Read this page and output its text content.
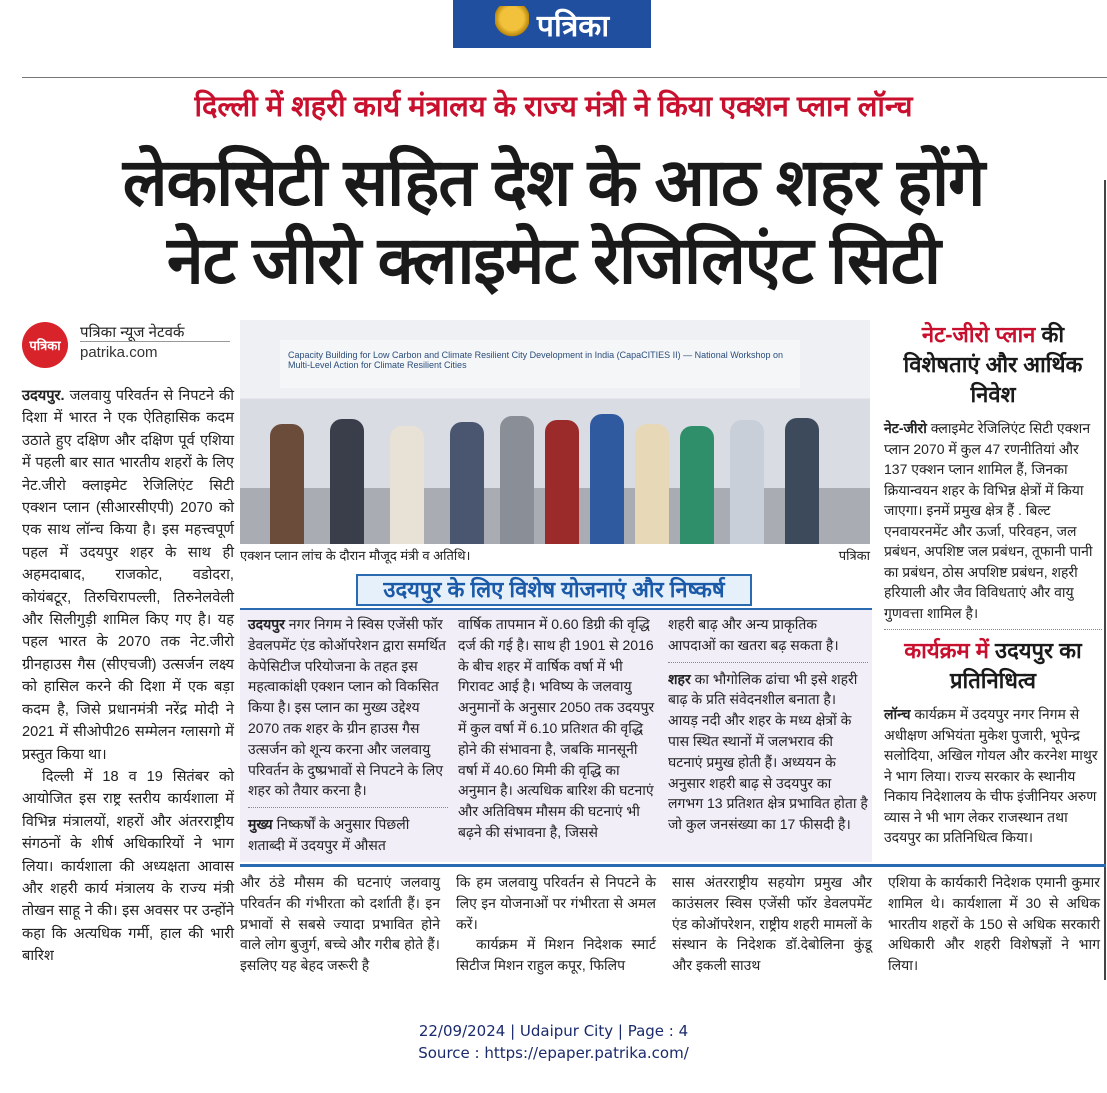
पत्रिका
दिल्ली में शहरी कार्य मंत्रालय के राज्य मंत्री ने किया एक्शन प्लान लॉन्च
लेकसिटी सहित देश के आठ शहर होंगे
नेट जीरो क्लाइमेट रेजिलिएंट सिटी
पत्रिका
पत्रिका न्यूज नेटवर्क
patrika.com

उदयपुर. जलवायु परिवर्तन से निपटने की दिशा में भारत ने एक ऐतिहासिक कदम उठाते हुए दक्षिण और दक्षिण पूर्व एशिया में पहली बार सात भारतीय शहरों के लिए नेट.जीरो क्लाइमेट रेजिलिएंट सिटी एक्शन प्लान (सीआरसीएपी) 2070 को एक साथ लॉन्च किया है। इस महत्त्वपूर्ण पहल में उदयपुर शहर के साथ ही अहमदाबाद, राजकोट, वडोदरा, कोयंबटूर, तिरुचिरापल्ली, तिरुनेलवेली और सिलीगुड़ी शामिल किए गए है। यह पहल भारत के 2070 तक नेट.जीरो ग्रीनहाउस गैस (सीएचजी) उत्सर्जन लक्ष्य को हासिल करने की दिशा में एक बड़ा कदम है, जिसे प्रधानमंत्री नरेंद्र मोदी ने 2021 में सीओपी26 सम्मेलन ग्लासगो में प्रस्तुत किया था।

दिल्ली में 18 व 19 सितंबर को आयोजित इस राष्ट्र स्तरीय कार्यशाला में विभिन्न मंत्रालयों, शहरों और अंतरराष्ट्रीय संगठनों के शीर्ष अधिकारियों ने भाग लिया। कार्यशाला की अध्यक्षता आवास और शहरी कार्य मंत्रालय के राज्य मंत्री तोखन साहू ने की। इस अवसर पर उन्होंने कहा कि अत्यधिक गर्मी, हाल की भारी बारिश

Capacity Building for Low Carbon and Climate Resilient City Development in India (CapaCITIES II) — National Workshop on Multi-Level Action for Climate Resilient Cities
एक्शन प्लान लांच के दौरान मौजूद मंत्री व अतिथि।	पत्रिका
उदयपुर के लिए विशेष योजनाएं और निष्कर्ष

उदयपुर नगर निगम ने स्विस एजेंसी फॉर डेवलपमेंट एंड कोऑपरेशन द्वारा समर्थित केपेसिटीज परियोजना के तहत इस महत्वाकांक्षी एक्शन प्लान को विकसित किया है। इस प्लान का मुख्य उद्देश्य 2070 तक शहर के ग्रीन हाउस गैस उत्सर्जन को शून्य करना और जलवायु परिवर्तन के दुष्प्रभावों से निपटने के लिए शहर को तैयार करना है।

मुख्य निष्कर्षों के अनुसार पिछली शताब्दी में उदयपुर में औसत

वार्षिक तापमान में 0.60 डिग्री की वृद्धि दर्ज की गई है। साथ ही 1901 से 2016 के बीच शहर में वार्षिक वर्षा में भी गिरावट आई है। भविष्य के जलवायु अनुमानों के अनुसार 2050 तक उदयपुर में कुल वर्षा में 6.10 प्रतिशत की वृद्धि होने की संभावना है, जबकि मानसूनी वर्षा में 40.60 मिमी की वृद्धि का अनुमान है। अत्यधिक बारिश की घटनाएं और अतिविषम मौसम की घटनाएं भी बढ़ने की संभावना है, जिससे

शहरी बाढ़ और अन्य प्राकृतिक आपदाओं का खतरा बढ़ सकता है।

शहर का भौगोलिक ढांचा भी इसे शहरी बाढ़ के प्रति संवेदनशील बनाता है। आयड़ नदी और शहर के मध्य क्षेत्रों के पास स्थित स्थानों में जलभराव की घटनाएं प्रमुख होती हैं। अध्ययन के अनुसार शहरी बाढ़ से उदयपुर का लगभग 13 प्रतिशत क्षेत्र प्रभावित होता है जो कुल जनसंख्या का 17 फीसदी है।

और ठंडे मौसम की घटनाएं जलवायु परिवर्तन की गंभीरता को दर्शाती हैं। इन प्रभावों से सबसे ज्यादा प्रभावित होने वाले लोग बुजुर्ग, बच्चे और गरीब होते हैं। इसलिए यह बेहद जरूरी है

कि हम जलवायु परिवर्तन से निपटने के लिए इन योजनाओं पर गंभीरता से अमल करें।

कार्यक्रम में मिशन निदेशक स्मार्ट सिटीज मिशन राहुल कपूर, फिलिप

सास अंतरराष्ट्रीय सहयोग प्रमुख और काउंसलर स्विस एजेंसी फॉर डेवलपमेंट एंड कोऑपरेशन, राष्ट्रीय शहरी मामलों के संस्थान के निदेशक डॉ.देबोलिना कुंडू और इकली साउथ
एशिया के कार्यकारी निदेशक एमानी कुमार शामिल थे। कार्यशाला में 30 से अधिक भारतीय शहरों के 150 से अधिक सरकारी अधिकारी और शहरी विशेषज्ञों ने भाग लिया।
नेट-जीरो प्लान की विशेषताएं और आर्थिक निवेश

नेट-जीरो क्लाइमेट रेजिलिएंट सिटी एक्शन प्लान 2070 में कुल 47 रणनीतियां और 137 एक्शन प्लान शामिल हैं, जिनका क्रियान्वयन शहर के विभिन्न क्षेत्रों में किया जाएगा। इनमें प्रमुख क्षेत्र हैं . बिल्ट एनवायरनमेंट और ऊर्जा, परिवहन, जल प्रबंधन, अपशिष्ट जल प्रबंधन, तूफानी पानी का प्रबंधन, ठोस अपशिष्ट प्रबंधन, शहरी हरियाली और जैव विविधताएं और वायु गुणवत्ता शामिल है।

कार्यक्रम में उदयपुर का प्रतिनिधित्व

लॉन्च कार्यक्रम में उदयपुर नगर निगम से अधीक्षण अभियंता मुकेश पुजारी, भूपेन्द्र सलोदिया, अखिल गोयल और करनेश माथुर ने भाग लिया। राज्य सरकार के स्थानीय निकाय निदेशालय के चीफ इंजीनियर अरुण व्यास ने भी भाग लेकर राजस्थान तथा उदयपुर का प्रतिनिधित्व किया।

22/09/2024 | Udaipur City | Page : 4
Source : https://epaper.patrika.com/
